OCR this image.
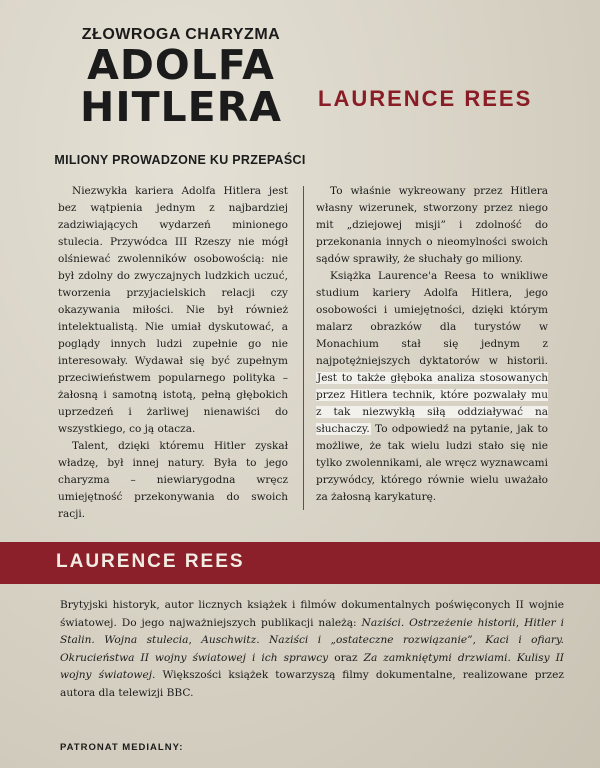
ZŁOWROGA CHARYZMA
ADOLFA
HITLERA
MILIONY PROWADZONE KU PRZEPAŚCI
LAURENCE REES

Niezwykła kariera Adolfa Hitlera jest bez wątpienia jednym z najbardziej zadziwiających wydarzeń minionego stulecia. Przywódca III Rzeszy nie mógł olśniewać zwolenników osobowością: nie był zdolny do zwyczajnych ludzkich uczuć, tworzenia przyjacielskich relacji czy okazywania miłości. Nie był również intelektualistą. Nie umiał dyskutować, a poglądy innych ludzi zupełnie go nie interesowały. Wydawał się być zupełnym przeciwieństwem popularnego polityka – żałosną i samotną istotą, pełną głębokich uprzedzeń i żarliwej nienawiści do wszystkiego, co ją otacza.

Talent, dzięki któremu Hitler zyskał władzę, był innej natury. Była to jego charyzma – niewiarygodna wręcz umiejętność przekonywania do swoich racji.

To właśnie wykreowany przez Hitlera własny wizerunek, stworzony przez niego mit „dziejowej misji” i zdolność do przekonania innych o nieomylności swoich sądów sprawiły, że słuchały go miliony.

Książka Laurence'a Reesa to wnikliwe studium kariery Adolfa Hitlera, jego osobowości i umiejętności, dzięki którym malarz obrazków dla turystów w Monachium stał się jednym z najpotężniejszych dyktatorów w historii. Jest to także głęboka analiza stosowanych przez Hitlera technik, które pozwalały mu z tak niezwykłą siłą oddziaływać na słuchaczy. To odpowiedź na pytanie, jak to możliwe, że tak wielu ludzi stało się nie tylko zwolennikami, ale wręcz wyznawcami przywódcy, którego równie wielu uważało za żałosną karykaturę.

LAURENCE REES
Brytyjski historyk, autor licznych książek i filmów dokumentalnych poświęconych II wojnie światowej. Do jego najważniejszych publikacji należą: Naziści. Ostrzeżenie historii, Hitler i Stalin. Wojna stulecia, Auschwitz. Naziści i „ostateczne rozwiązanie”, Kaci i ofiary. Okrucieństwa II wojny światowej i ich sprawcy oraz Za zamkniętymi drzwiami. Kulisy II wojny światowej. Większości książek towarzyszą filmy dokumentalne, realizowane przez autora dla telewizji BBC.
PATRONAT MEDIALNY:
